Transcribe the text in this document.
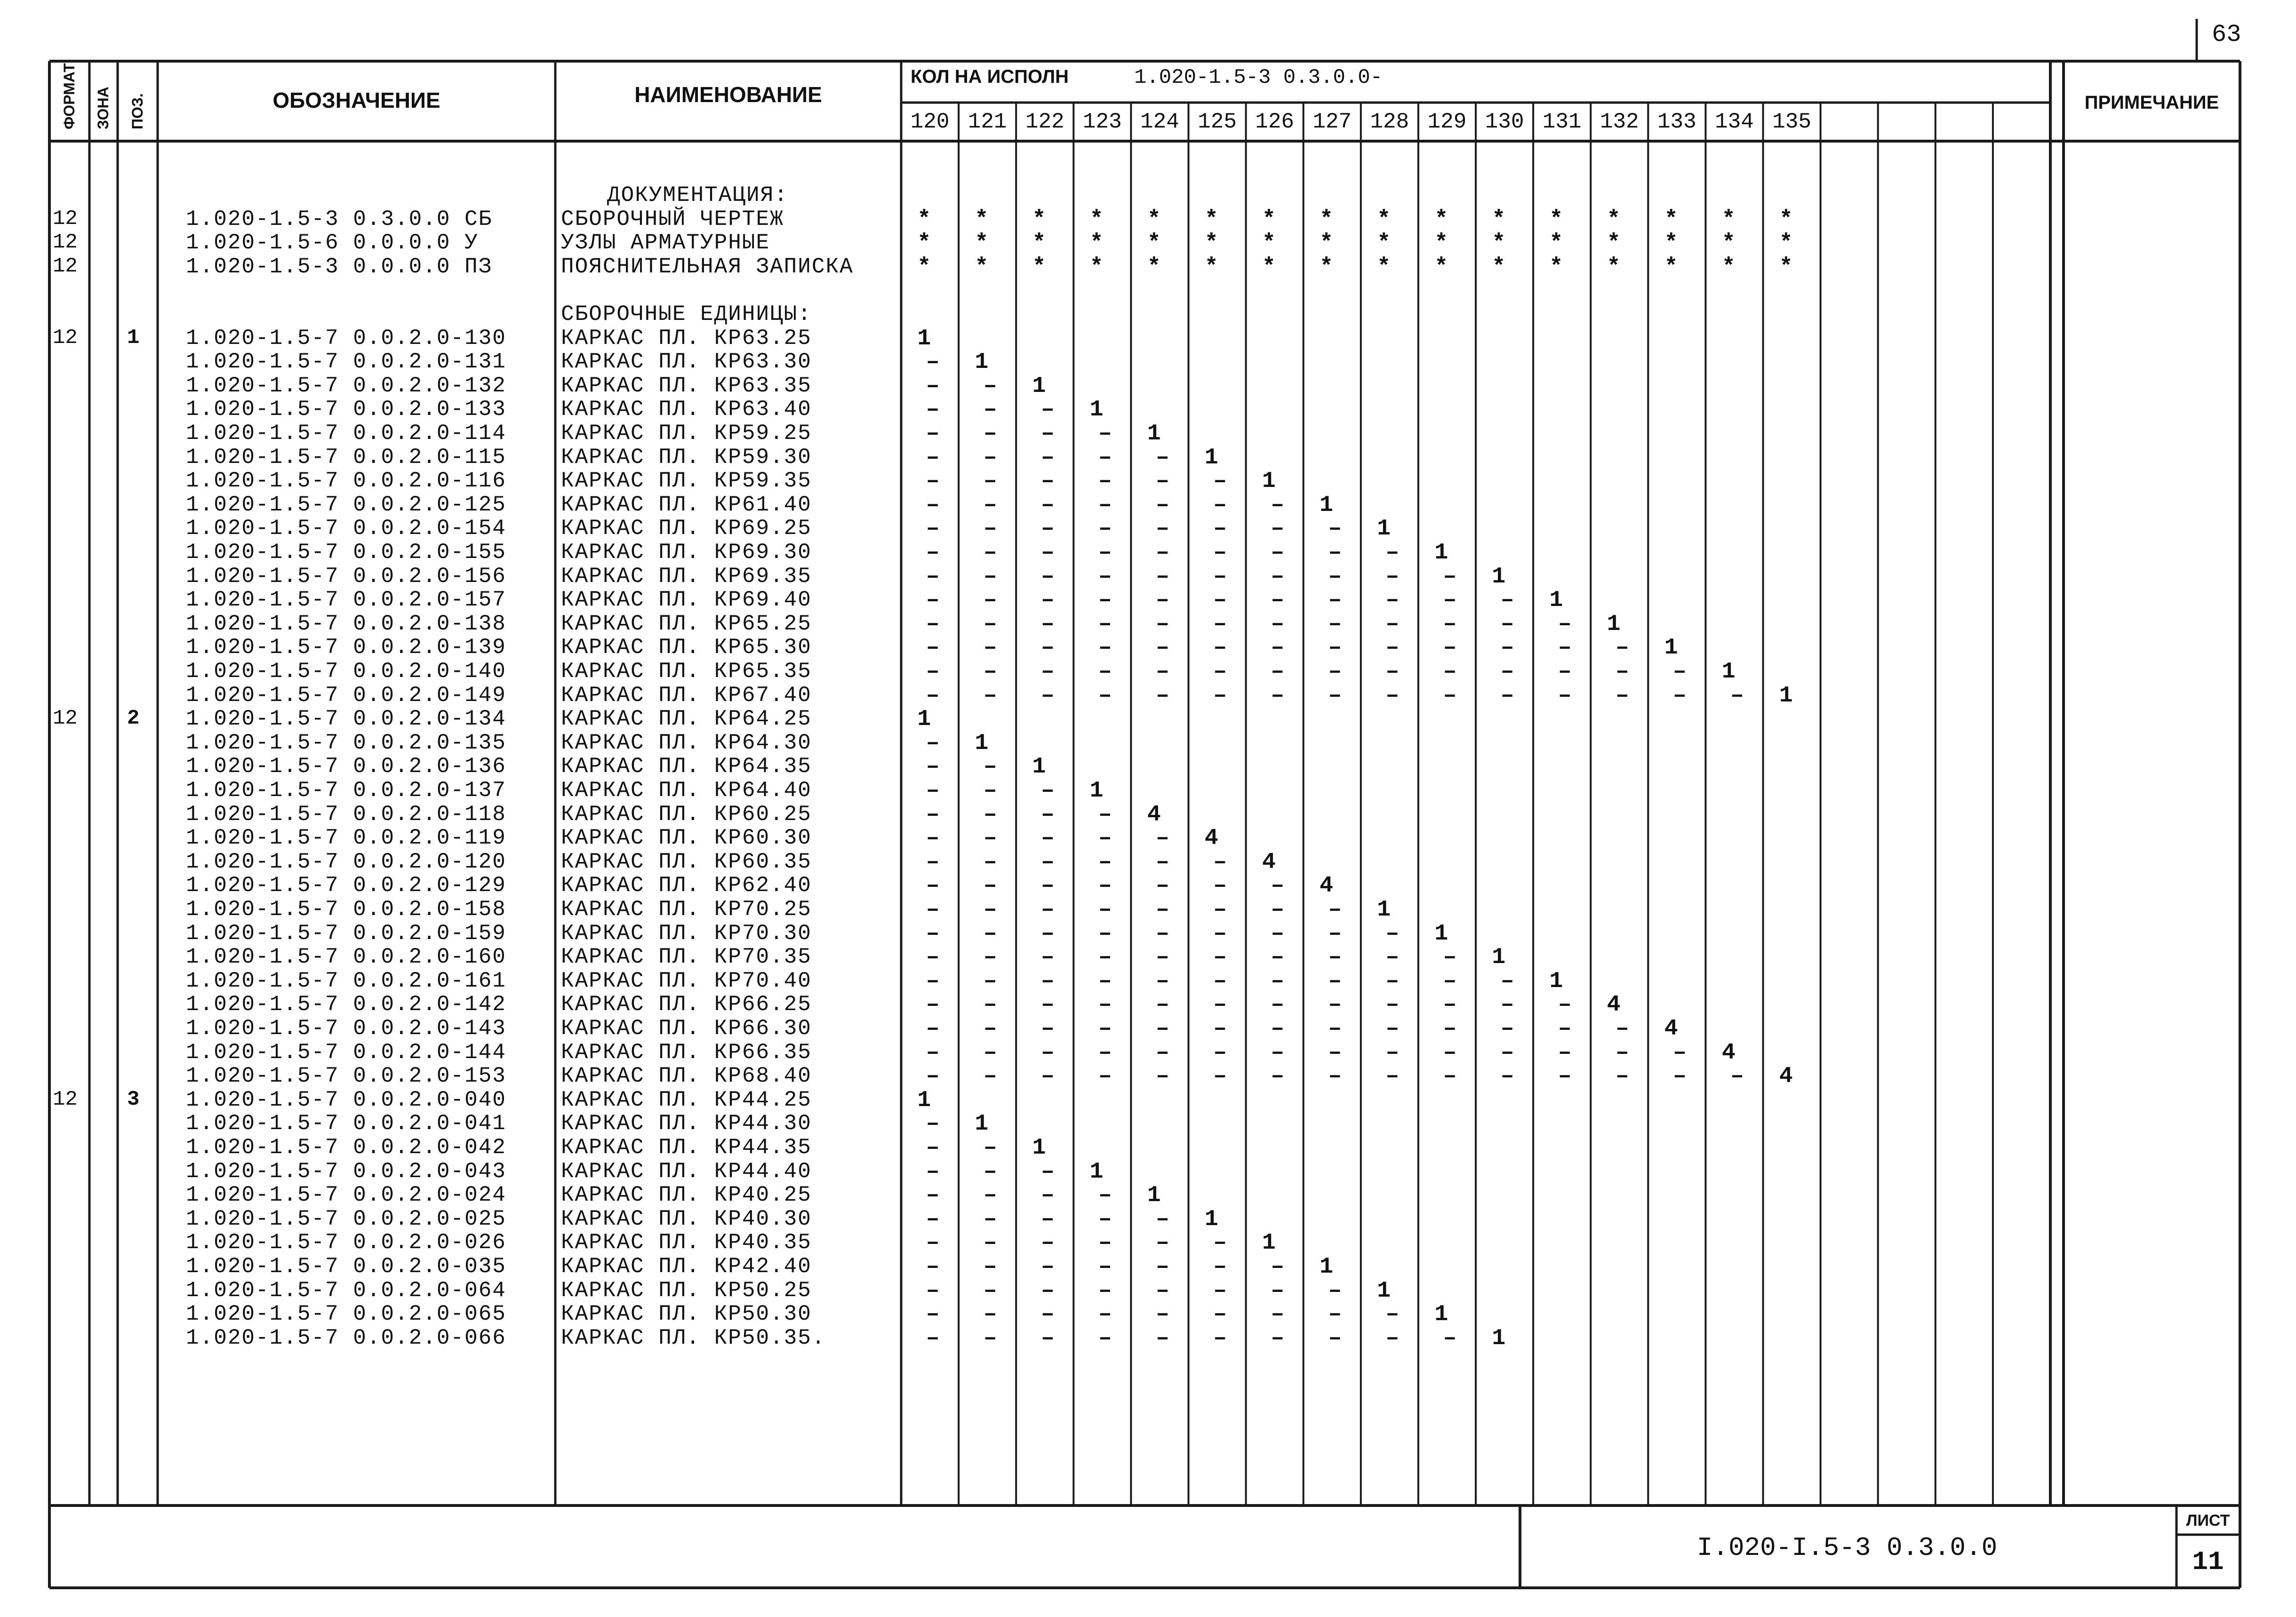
63
ФОРМАТ ЗОНА ПОЗ.	ОБОЗНАЧЕНИЕ	НАИМЕНОВАНИЕ
КОЛ НА ИСПОЛН	1.020-1.5-3 0.3.0.0-
ПРИМЕЧАНИЕ
120 121 122 123 124 125 126 127 128 129 130 131 132 133 134 135
ДОКУМЕНТАЦИЯ:
12	1.020-1.5-3 0.3.0.0 СБ	СБОРОЧНЫЙ ЧЕРТЕЖ	* * * * * * * * * * * * * * * *
12	1.020-1.5-6 0.0.0.0 У	УЗЛЫ АРМАТУРНЫЕ	* * * * * * * * * * * * * * * *
12	1.020-1.5-3 0.0.0.0 ПЗ	ПОЯСНИТЕЛЬНАЯ ЗАПИСКА	* * * * * * * * * * * * * * * *
СБОРОЧНЫЕ ЕДИНИЦЫ:
12 1 1.020-1.5-7 0.0.2.0-130	КАРКАС ПЛ. КР63.25	1
1.020-1.5-7 0.0.2.0-131	КАРКАС ПЛ. КР63.30	– 1
1.020-1.5-7 0.0.2.0-132	КАРКАС ПЛ. КР63.35	– – 1
1.020-1.5-7 0.0.2.0-133	КАРКАС ПЛ. КР63.40	– – – 1
1.020-1.5-7 0.0.2.0-114	КАРКАС ПЛ. КР59.25	– – – – 1
1.020-1.5-7 0.0.2.0-115	КАРКАС ПЛ. КР59.30	– – – – – 1
1.020-1.5-7 0.0.2.0-116	КАРКАС ПЛ. КР59.35	– – – – – – 1
1.020-1.5-7 0.0.2.0-125	КАРКАС ПЛ. КР61.40	– – – – – – – 1
1.020-1.5-7 0.0.2.0-154	КАРКАС ПЛ. КР69.25	– – – – – – – – 1
1.020-1.5-7 0.0.2.0-155	КАРКАС ПЛ. КР69.30	– – – – – – – – – 1
1.020-1.5-7 0.0.2.0-156	КАРКАС ПЛ. КР69.35	– – – – – – – – – – 1
1.020-1.5-7 0.0.2.0-157	КАРКАС ПЛ. КР69.40	– – – – – – – – – – – 1
1.020-1.5-7 0.0.2.0-138	КАРКАС ПЛ. КР65.25	– – – – – – – – – – – – 1
1.020-1.5-7 0.0.2.0-139	КАРКАС ПЛ. КР65.30	– – – – – – – – – – – – – 1
1.020-1.5-7 0.0.2.0-140	КАРКАС ПЛ. КР65.35	– – – – – – – – – – – – – – 1
1.020-1.5-7 0.0.2.0-149	КАРКАС ПЛ. КР67.40	– – – – – – – – – – – – – – – 1
12 2 1.020-1.5-7 0.0.2.0-134	КАРКАС ПЛ. КР64.25	1
1.020-1.5-7 0.0.2.0-135	КАРКАС ПЛ. КР64.30	– 1
1.020-1.5-7 0.0.2.0-136	КАРКАС ПЛ. КР64.35	– – 1
1.020-1.5-7 0.0.2.0-137	КАРКАС ПЛ. КР64.40	– – – 1
1.020-1.5-7 0.0.2.0-118	КАРКАС ПЛ. КР60.25	– – – – 4
1.020-1.5-7 0.0.2.0-119	КАРКАС ПЛ. КР60.30	– – – – – 4
1.020-1.5-7 0.0.2.0-120	КАРКАС ПЛ. КР60.35	– – – – – – 4
1.020-1.5-7 0.0.2.0-129	КАРКАС ПЛ. КР62.40	– – – – – – – 4
1.020-1.5-7 0.0.2.0-158	КАРКАС ПЛ. КР70.25	– – – – – – – – 1
1.020-1.5-7 0.0.2.0-159	КАРКАС ПЛ. КР70.30	– – – – – – – – – 1
1.020-1.5-7 0.0.2.0-160	КАРКАС ПЛ. КР70.35	– – – – – – – – – – 1
1.020-1.5-7 0.0.2.0-161	КАРКАС ПЛ. КР70.40	– – – – – – – – – – – 1
1.020-1.5-7 0.0.2.0-142	КАРКАС ПЛ. КР66.25	– – – – – – – – – – – – 4
1.020-1.5-7 0.0.2.0-143	КАРКАС ПЛ. КР66.30	– – – – – – – – – – – – – 4
1.020-1.5-7 0.0.2.0-144	КАРКАС ПЛ. КР66.35	– – – – – – – – – – – – – – 4
1.020-1.5-7 0.0.2.0-153	КАРКАС ПЛ. КР68.40	– – – – – – – – – – – – – – – 4
12 3 1.020-1.5-7 0.0.2.0-040	КАРКАС ПЛ. КР44.25	1
1.020-1.5-7 0.0.2.0-041	КАРКАС ПЛ. КР44.30	– 1
1.020-1.5-7 0.0.2.0-042	КАРКАС ПЛ. КР44.35	– – 1
1.020-1.5-7 0.0.2.0-043	КАРКАС ПЛ. КР44.40	– – – 1
1.020-1.5-7 0.0.2.0-024	КАРКАС ПЛ. КР40.25	– – – – 1
1.020-1.5-7 0.0.2.0-025	КАРКАС ПЛ. КР40.30	– – – – – 1
1.020-1.5-7 0.0.2.0-026	КАРКАС ПЛ. КР40.35	– – – – – – 1
1.020-1.5-7 0.0.2.0-035	КАРКАС ПЛ. КР42.40	– – – – – – – 1
1.020-1.5-7 0.0.2.0-064	КАРКАС ПЛ. КР50.25	– – – – – – – – 1
1.020-1.5-7 0.0.2.0-065	КАРКАС ПЛ. КР50.30	– – – – – – – – – 1
1.020-1.5-7 0.0.2.0-066	КАРКАС ПЛ. КР50.35.	– – – – – – – – – – 1
I.020-I.5-3 0.3.0.0
ЛИСТ
11
